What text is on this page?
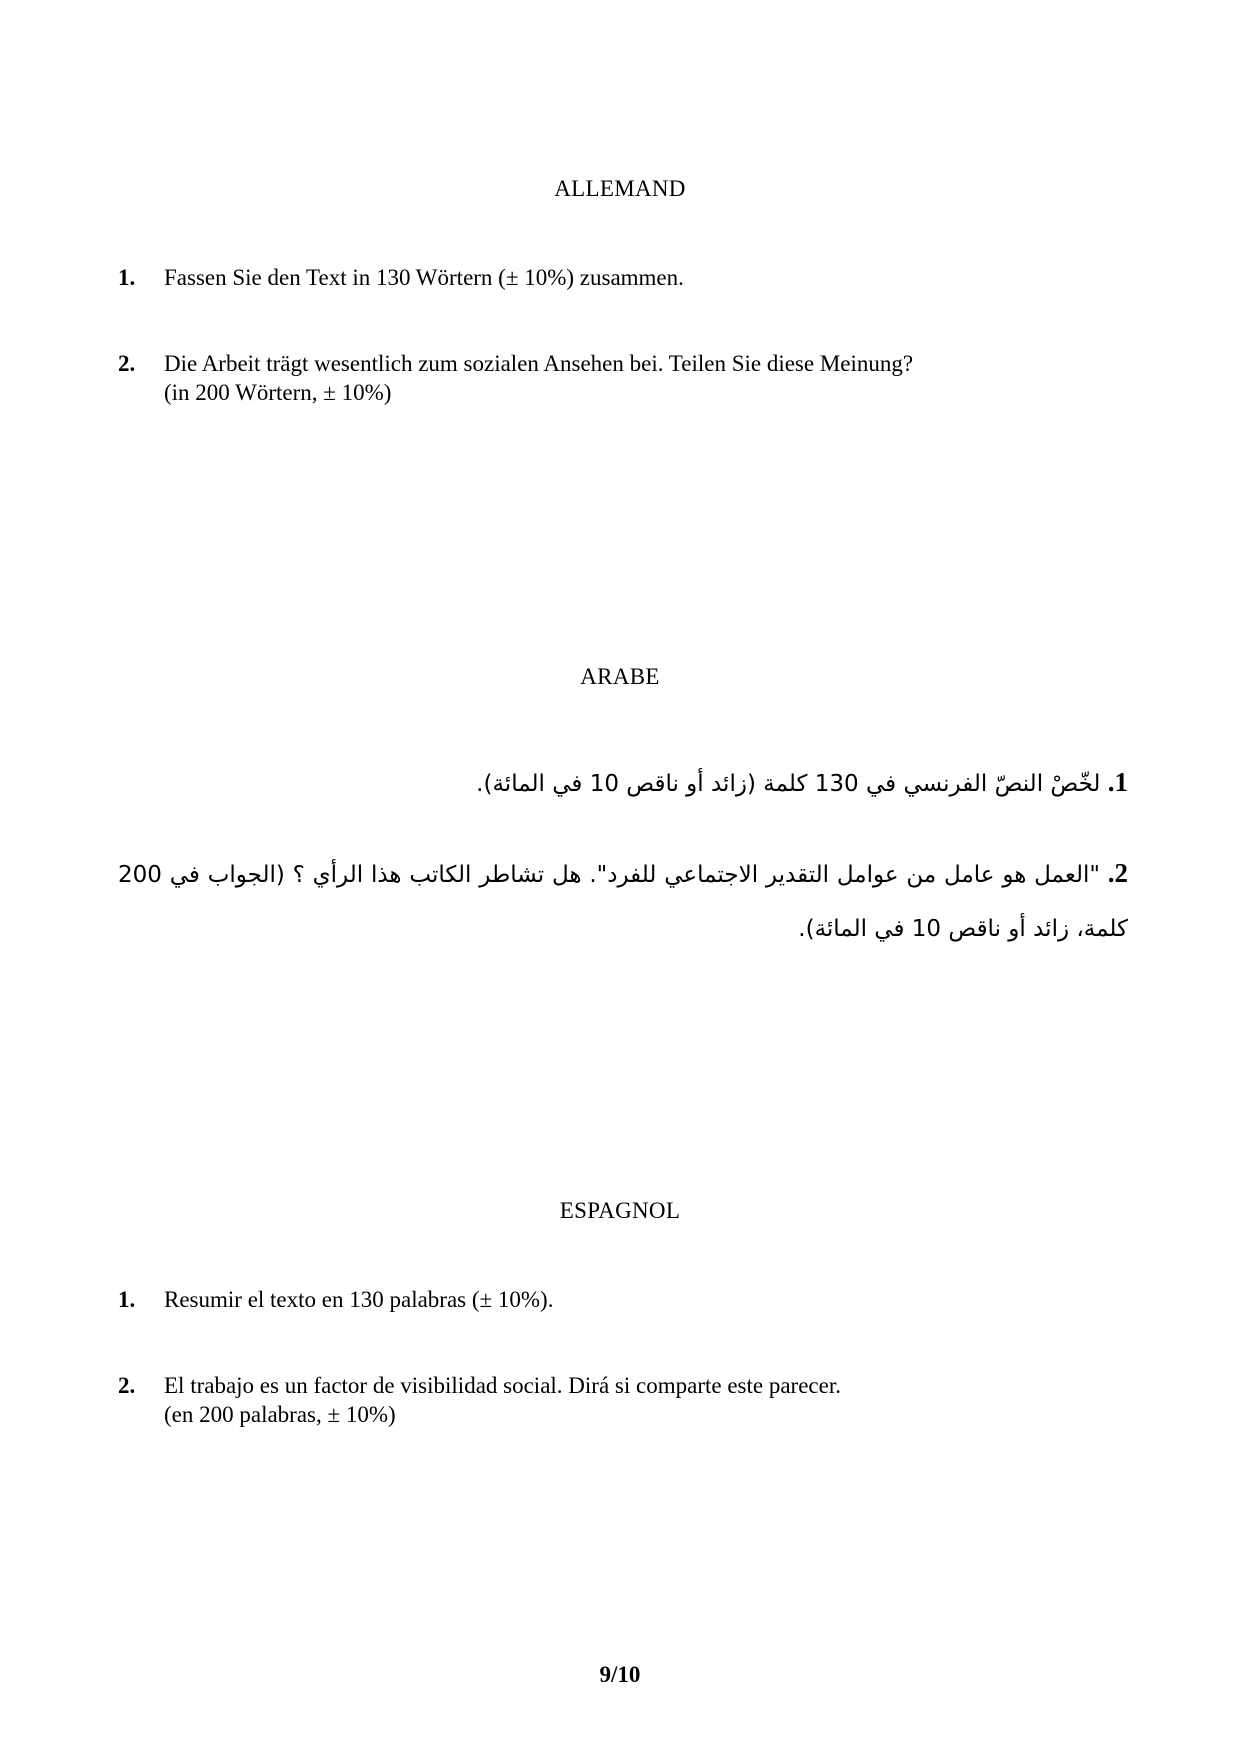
ALLEMAND
1. Fassen Sie den Text in 130 Wörtern (± 10%) zusammen.
2. Die Arbeit trägt wesentlich zum sozialen Ansehen bei. Teilen Sie diese Meinung?
(in 200 Wörtern, ± 10%)
ARABE
1. لخّصْ النصّ الفرنسي في 130 كلمة (زائد أو ناقص 10 في المائة).
2. "العمل هو عامل من عوامل التقدير الاجتماعي للفرد". هل تشاطر الكاتب هذا الرأي ؟ (الجواب في 200 كلمة، زائد أو ناقص 10 في المائة).
ESPAGNOL
1. Resumir el texto en 130 palabras (± 10%).
2. El trabajo es un factor de visibilidad social. Dirá si comparte este parecer.
(en 200 palabras, ± 10%)
9/10
